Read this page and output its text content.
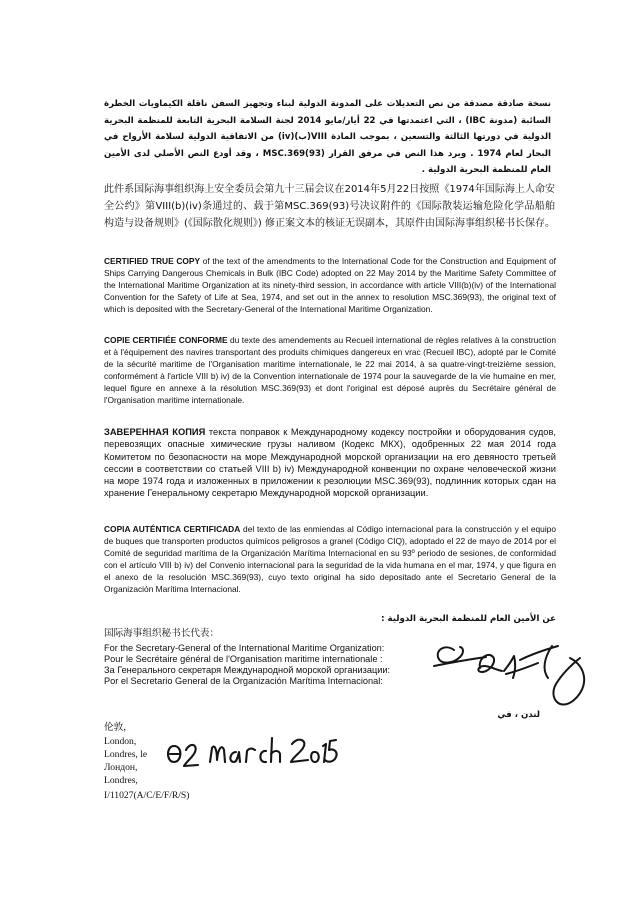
نسخة صادقة مصدقة من نص التعديلات على المدونة الدولية لبناء وتجهيز السفن ناقلة الكيماويات الخطرة السائبة (مدونة IBC) ، التي اعتمدتها في 22 أيار/مايو 2014 لجنة السلامة البحرية التابعة للمنظمة البحرية الدولية في دورتها الثالثة والتسعين ، بموجب المادة VIII(ب)(iv) من الاتفاقية الدولية لسلامة الأرواح في البحار لعام 1974 . ويرد هذا النص في مرفق القرار MSC.369(93) ، وقد أودع النص الأصلي لدى الأمين العام للمنظمة البحرية الدولية .

此件系国际海事组织海上安全委员会第九十三届会议在2014年5月22日按照《1974年国际海上人命安全公约》第VIII(b)(iv)条通过的、载于第MSC.369(93)号决议附件的《国际散装运输危险化学品船舶构造与设备规则》(《国际散化规则》) 修正案文本的核证无误副本，其原件由国际海事组织秘书长保存。

CERTIFIED TRUE COPY of the text of the amendments to the International Code for the Construction and Equipment of Ships Carrying Dangerous Chemicals in Bulk (IBC Code) adopted on 22 May 2014 by the Maritime Safety Committee of the International Maritime Organization at its ninety-third session, in accordance with article VIII(b)(iv) of the International Convention for the Safety of Life at Sea, 1974, and set out in the annex to resolution MSC.369(93), the original text of which is deposited with the Secretary-General of the International Maritime Organization.

COPIE CERTIFIÉE CONFORME du texte des amendements au Recueil international de règles relatives à la construction et à l'équipement des navires transportant des produits chimiques dangereux en vrac (Recueil IBC), adopté par le Comité de la sécurité maritime de l'Organisation maritime internationale, le 22 mai 2014, à sa quatre-vingt-treizième session, conformément à l'article VIII b) iv) de la Convention internationale de 1974 pour la sauvegarde de la vie humaine en mer, lequel figure en annexe à la résolution MSC.369(93) et dont l'original est déposé auprès du Secrétaire général de l'Organisation maritime internationale.

ЗАВЕРЕННАЯ КОПИЯ текста поправок к Международному кодексу постройки и оборудования судов, перевозящих опасные химические грузы наливом (Кодекс МКХ), одобренных 22 мая 2014 года Комитетом по безопасности на море Международной морской организации на его девяносто третьей сессии в соответствии со статьей VIII b) iv) Международной конвенции по охране человеческой жизни на море 1974 года и изложенных в приложении к резолюции MSC.369(93), подлинник которых сдан на хранение Генеральному секретарю Международной морской организации.

COPIA AUTÉNTICA CERTIFICADA del texto de las enmiendas al Código internacional para la construcción y el equipo de buques que transporten productos químicos peligrosos a granel (Código CIQ), adoptado el 22 de mayo de 2014 por el Comité de seguridad marítima de la Organización Marítima Internacional en su 93º periodo de sesiones, de conformidad con el artículo VIII b) iv) del Convenio internacional para la seguridad de la vida humana en el mar, 1974, y que figura en el anexo de la resolución MSC.369(93), cuyo texto original ha sido depositado ante el Secretario General de la Organización Marítima Internacional.

عن الأمين العام للمنظمة البحرية الدولية :
国际海事组织秘书长代表：
For the Secretary-General of the International Maritime Organization:
Pour le Secrétaire général de l'Organisation maritime internationale :
За Генерального секретаря Международной морской организации:
Por el Secretario General de la Organización Marítima Internacional:
لندن ، في
伦敦，
London,
Londres, le
Лондон,
Londres,
I/11027(A/C/E/F/R/S)
